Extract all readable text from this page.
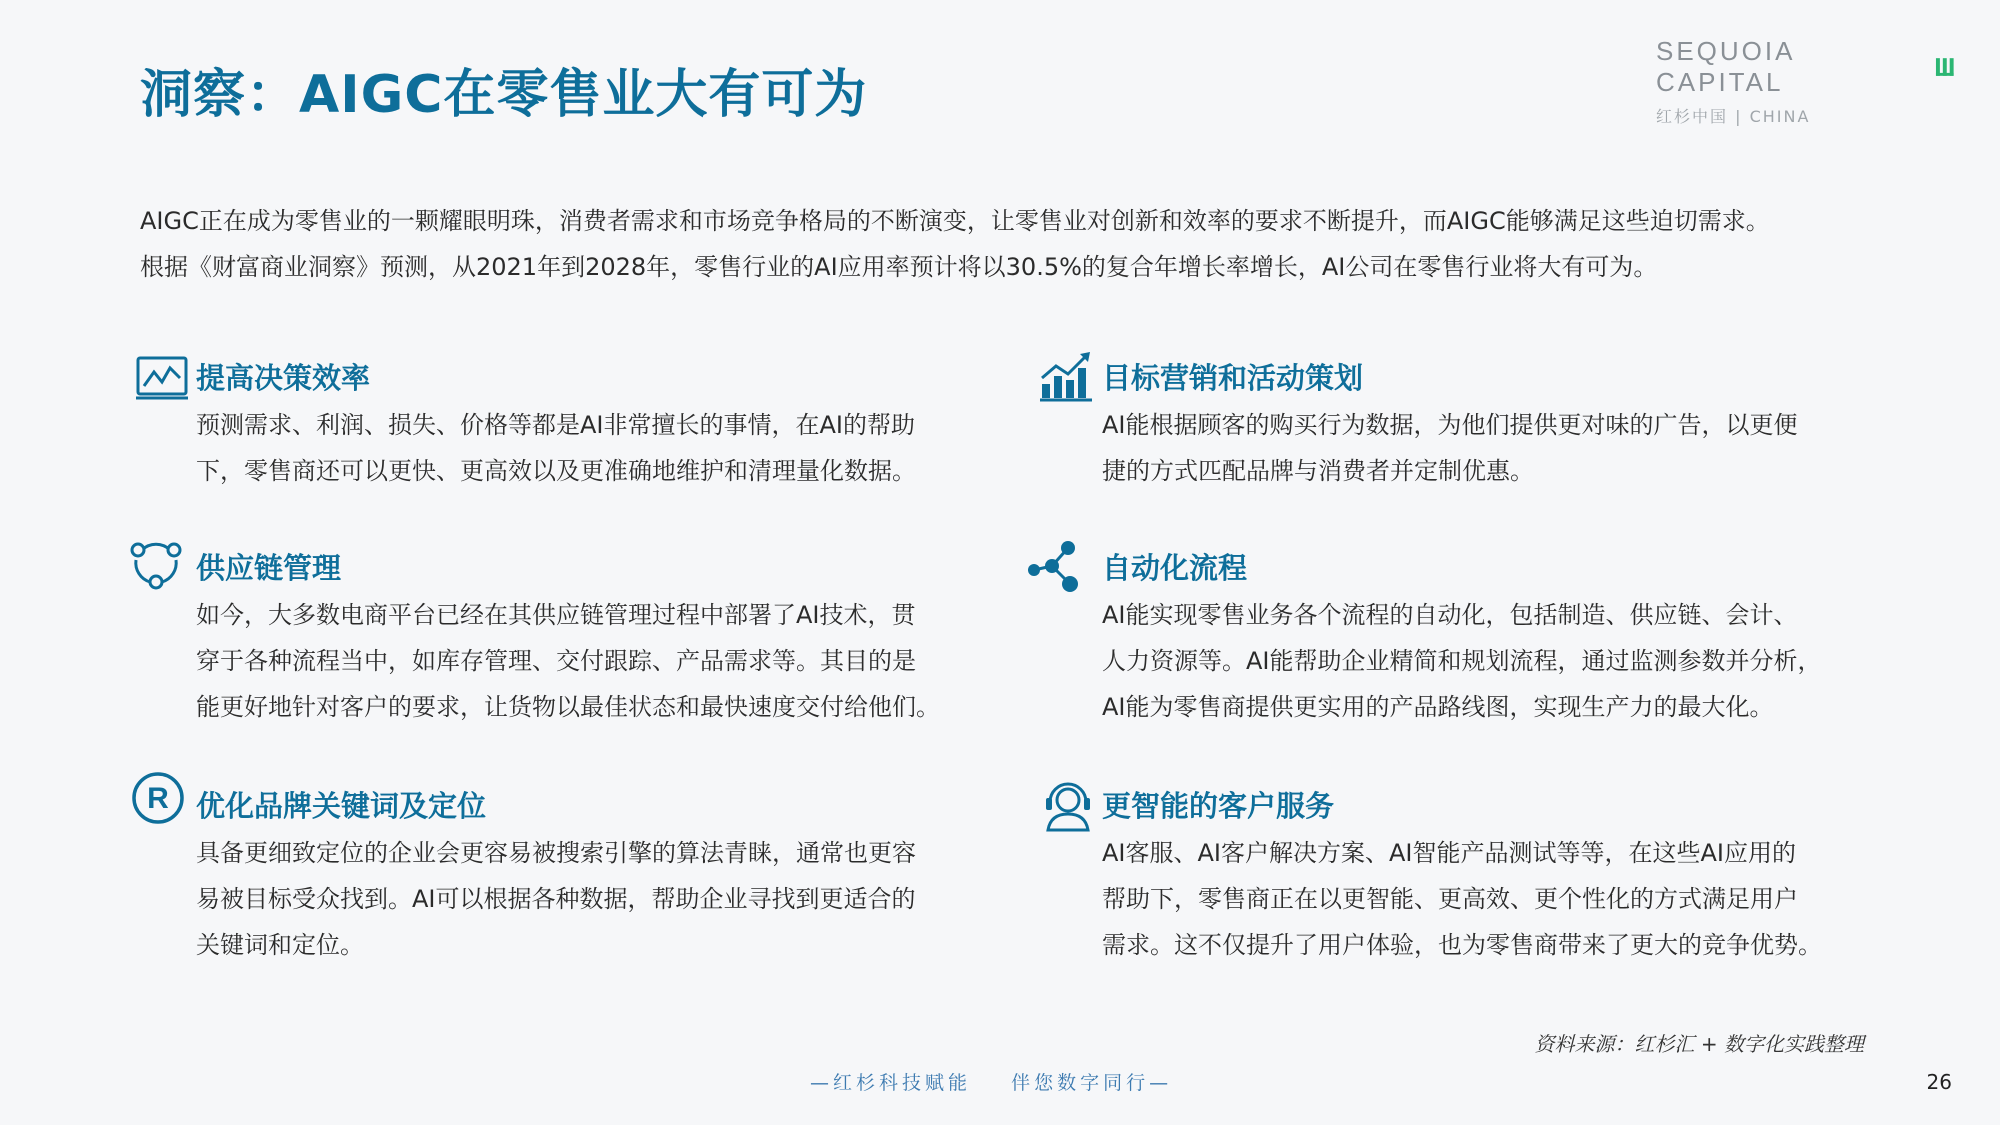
洞察：AIGC在零售业大有可为
SEQUOIA CAPITAL
红杉中国 | CHINA

AIGC正在成为零售业的一颗耀眼明珠，消费者需求和市场竞争格局的不断演变，让零售业对创新和效率的要求不断提升，而AIGC能够满足这些迫切需求。

根据《财富商业洞察》预测，从2021年到2028年，零售行业的AI应用率预计将以30.5%的复合年增长率增长，AI公司在零售行业将大有可为。

提高决策效率

预测需求、利润、损失、价格等都是AI非常擅长的事情，在AI的帮助

下，零售商还可以更快、更高效以及更准确地维护和清理量化数据。

目标营销和活动策划

AI能根据顾客的购买行为数据，为他们提供更对味的广告，以更便

捷的方式匹配品牌与消费者并定制优惠。

供应链管理

如今，大多数电商平台已经在其供应链管理过程中部署了AI技术，贯

穿于各种流程当中，如库存管理、交付跟踪、产品需求等。其目的是

能更好地针对客户的要求，让货物以最佳状态和最快速度交付给他们。

自动化流程

AI能实现零售业务各个流程的自动化，包括制造、供应链、会计、

人力资源等。AI能帮助企业精简和规划流程，通过监测参数并分析，

AI能为零售商提供更实用的产品路线图，实现生产力的最大化。

R 优化品牌关键词及定位

具备更细致定位的企业会更容易被搜索引擎的算法青睐，通常也更容

易被目标受众找到。AI可以根据各种数据，帮助企业寻找到更适合的

关键词和定位。

更智能的客户服务

AI客服、AI客户解决方案、AI智能产品测试等等，在这些AI应用的

帮助下，零售商正在以更智能、更高效、更个性化的方式满足用户

需求。这不仅提升了用户体验，也为零售商带来了更大的竞争优势。

资料来源：红杉汇 + 数字化实践整理
—红杉科技赋能    伴您数字同行—	26
